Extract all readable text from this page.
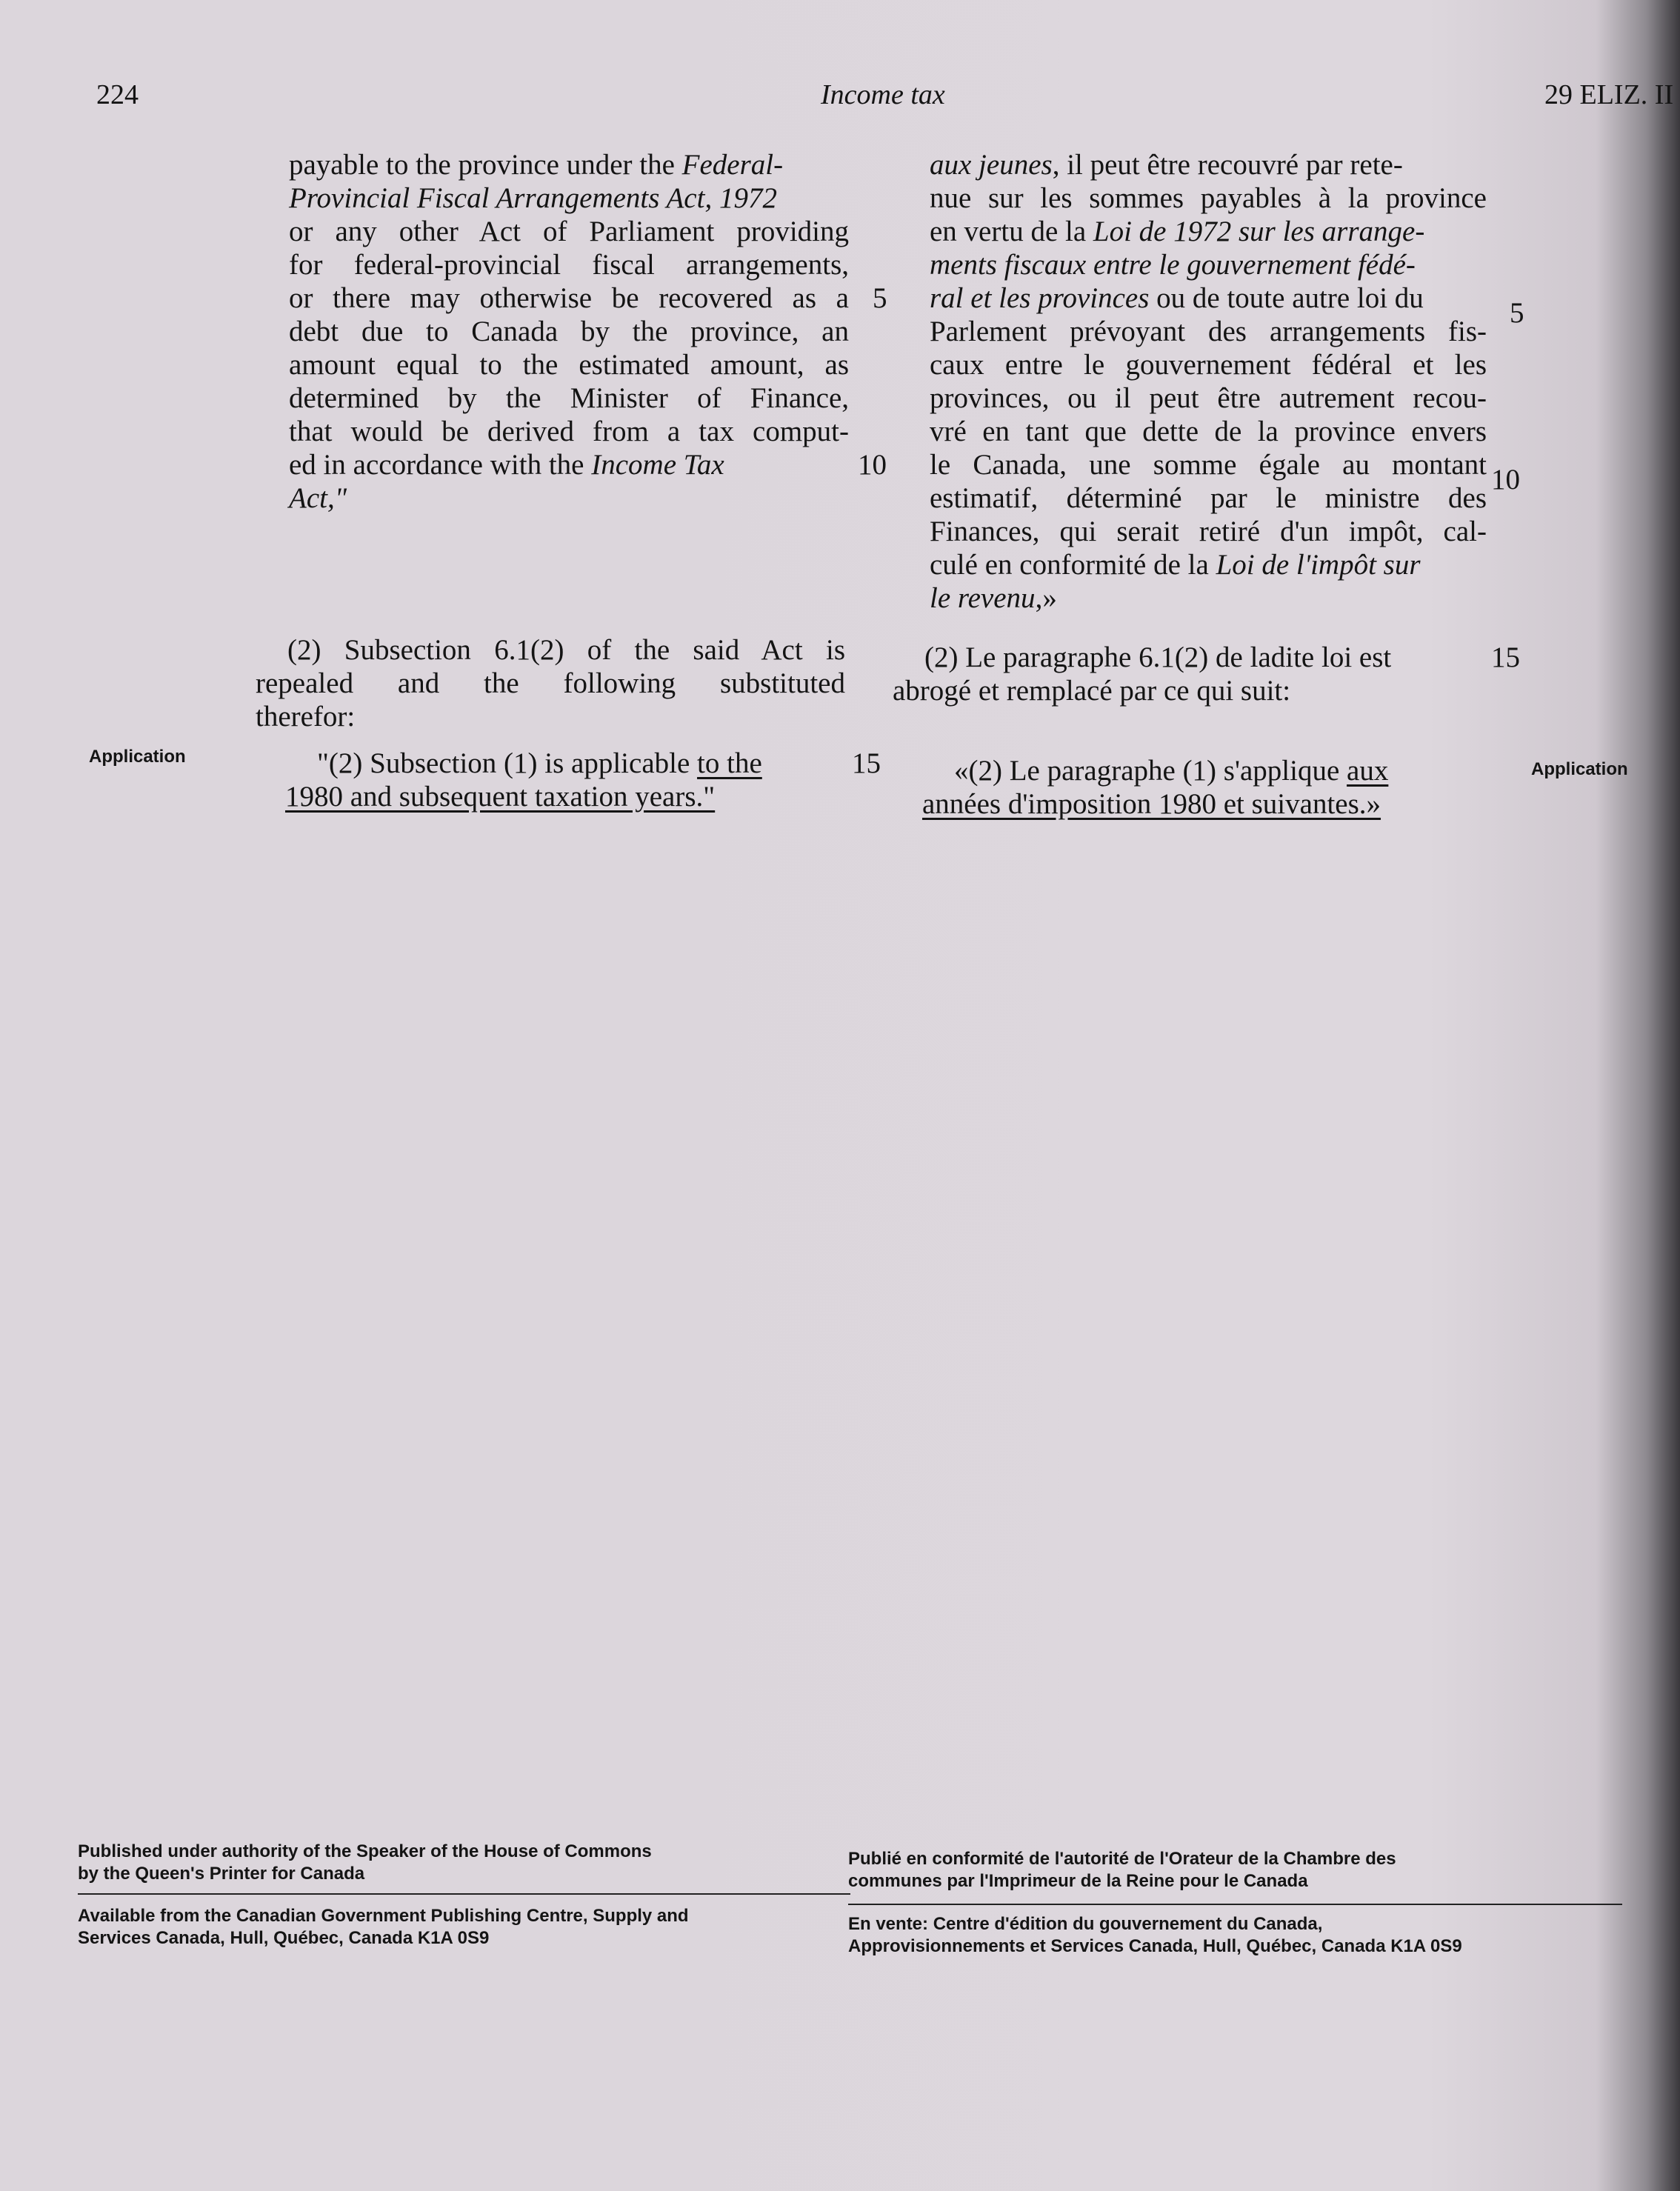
224	Income tax	29 ELIZ. II
payable to the province under the Federal-
Provincial Fiscal Arrangements Act, 1972
or any other Act of Parliament providing
for federal-provincial fiscal arrangements,
or there may otherwise be recovered as a
debt due to Canada by the province, an
amount equal to the estimated amount, as
determined by the Minister of Finance,
that would be derived from a tax comput-
ed in accordance with the Income Tax
Act,"
5
10
(2) Subsection 6.1(2) of the said Act is
repealed and the following substituted
therefor:
Application	"(2) Subsection (1) is applicable to the
1980 and subsequent taxation years."
15
aux jeunes, il peut être recouvré par rete-
nue sur les sommes payables à la province
en vertu de la Loi de 1972 sur les arrange-
ments fiscaux entre le gouvernement fédé-
ral et les provinces ou de toute autre loi du
Parlement prévoyant des arrangements fis-
caux entre le gouvernement fédéral et les
provinces, ou il peut être autrement recou-
vré en tant que dette de la province envers
le Canada, une somme égale au montant
estimatif, déterminé par le ministre des
Finances, qui serait retiré d'un impôt, cal-
culé en conformité de la Loi de l'impôt sur
le revenu,»
5
10
(2) Le paragraphe 6.1(2) de ladite loi est
abrogé et remplacé par ce qui suit:
15
«(2) Le paragraphe (1) s'applique aux
années d'imposition 1980 et suivantes.»
Application
Published under authority of the Speaker of the House of Commons
by the Queen's Printer for Canada
Available from the Canadian Government Publishing Centre, Supply and
Services Canada, Hull, Québec, Canada K1A 0S9
Publié en conformité de l'autorité de l'Orateur de la Chambre des
communes par l'Imprimeur de la Reine pour le Canada
En vente: Centre d'édition du gouvernement du Canada,
Approvisionnements et Services Canada, Hull, Québec, Canada K1A 0S9
